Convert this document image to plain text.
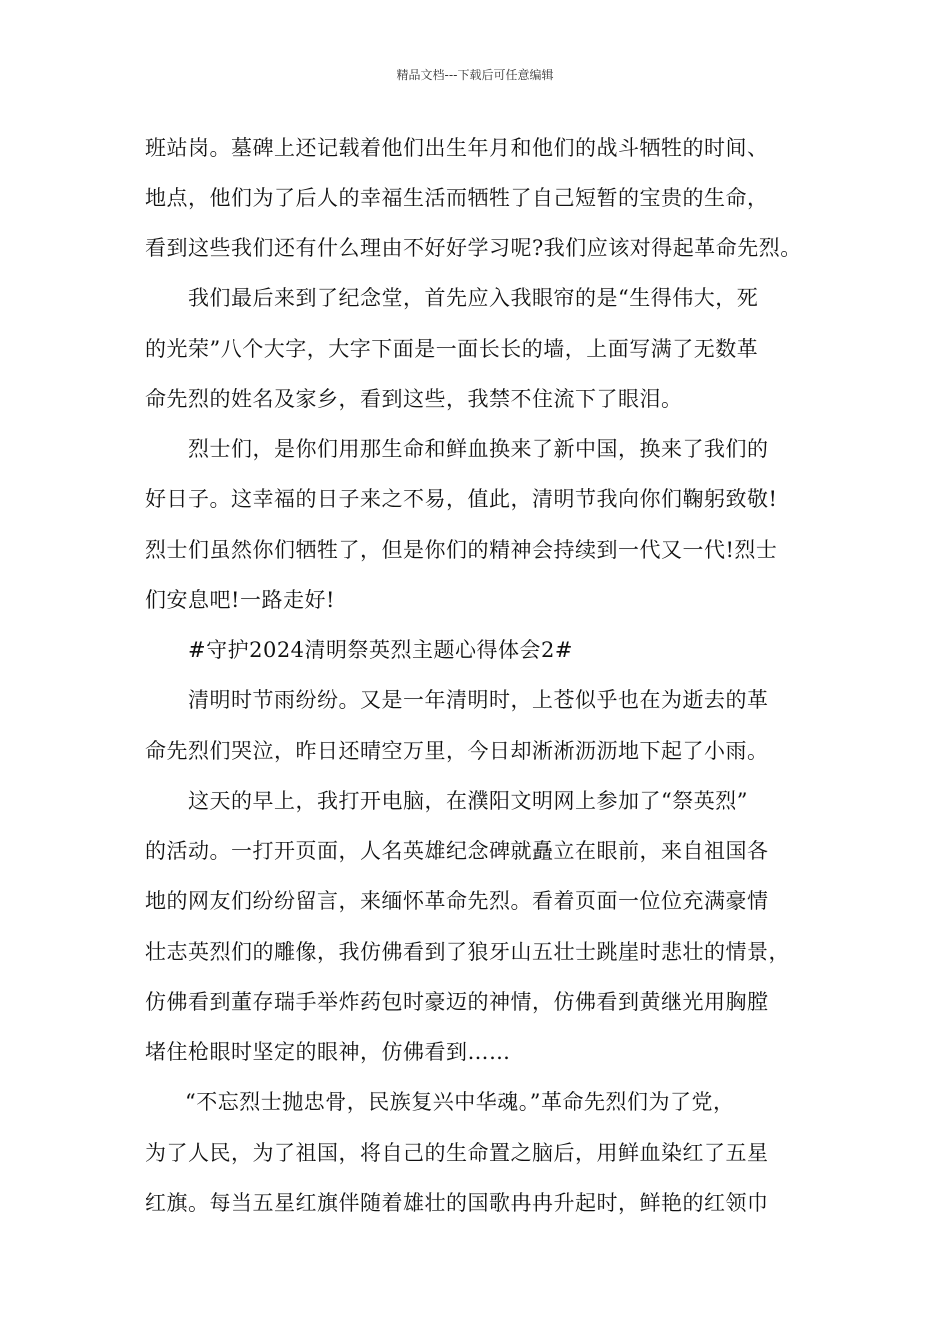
精品文档---下载后可任意编辑
班站岗。墓碑上还记载着他们出生年月和他们的战斗牺牲的时间、
地点，他们为了后人的幸福生活而牺牲了自己短暂的宝贵的生命，
看到这些我们还有什么理由不好好学习呢?我们应该对得起革命先烈。
我们最后来到了纪念堂，首先应入我眼帘的是“生得伟大，死
的光荣”八个大字，大字下面是一面长长的墙，上面写满了无数革
命先烈的姓名及家乡，看到这些，我禁不住流下了眼泪。
烈士们，是你们用那生命和鲜血换来了新中国，换来了我们的
好日子。这幸福的日子来之不易，值此，清明节我向你们鞠躬致敬!
烈士们虽然你们牺牲了，但是你们的精神会持续到一代又一代!烈士
们安息吧!一路走好!
#守护2024清明祭英烈主题心得体会2#
清明时节雨纷纷。又是一年清明时，上苍似乎也在为逝去的革
命先烈们哭泣，昨日还晴空万里，今日却淅淅沥沥地下起了小雨。
这天的早上，我打开电脑，在濮阳文明网上参加了“祭英烈”
的活动。一打开页面，人名英雄纪念碑就矗立在眼前，来自祖国各
地的网友们纷纷留言，来缅怀革命先烈。看着页面一位位充满豪情
壮志英烈们的雕像，我仿佛看到了狼牙山五壮士跳崖时悲壮的情景，
仿佛看到董存瑞手举炸药包时豪迈的神情，仿佛看到黄继光用胸膛
堵住枪眼时坚定的眼神，仿佛看到……
“不忘烈士抛忠骨，民族复兴中华魂。”革命先烈们为了党，
为了人民，为了祖国，将自己的生命置之脑后，用鲜血染红了五星
红旗。每当五星红旗伴随着雄壮的国歌冉冉升起时，鲜艳的红领巾
